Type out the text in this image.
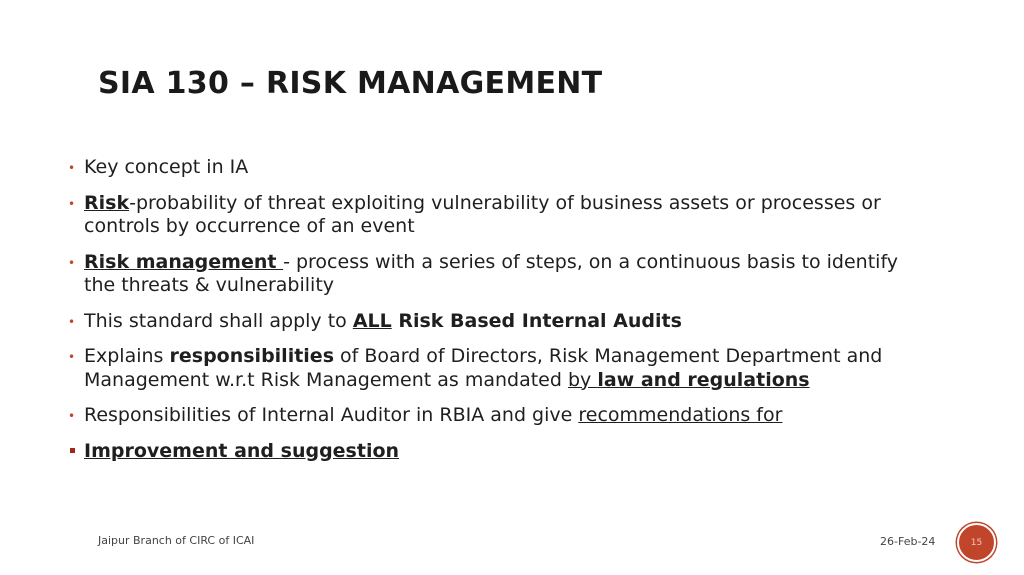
SIA 130 – RISK MANAGEMENT
• Key concept in IA
• Risk-probability of threat exploiting vulnerability of business assets or processes or controls by occurrence of an event
• Risk management - process with a series of steps, on a continuous basis to identify the threats & vulnerability
• This standard shall apply to ALL Risk Based Internal Audits
• Explains responsibilities of Board of Directors, Risk Management Department and Management w.r.t Risk Management as mandated by law and regulations
• Responsibilities of Internal Auditor in RBIA and give recommendations for
Improvement and suggestion
Jaipur Branch of CIRC of ICAI	26-Feb-24	15
